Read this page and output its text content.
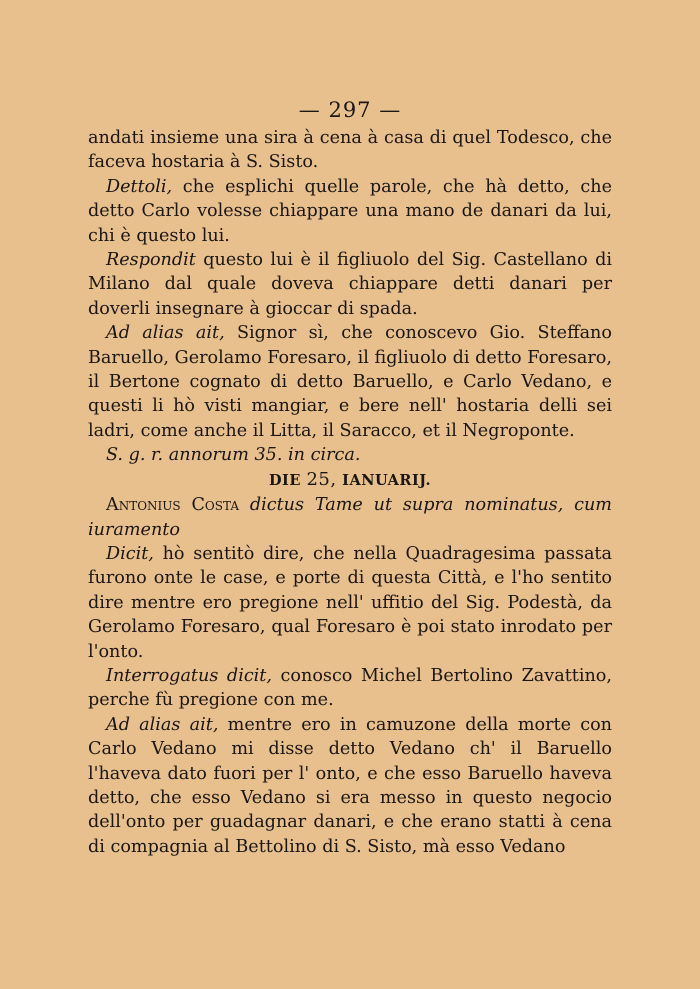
— 297 —

andati insieme una sira à cena à casa di quel Todesco, che faceva hostaria à S. Sisto.

Dettoli, che esplichi quelle parole, che hà detto, che detto Carlo volesse chiappare una mano de danari da lui, chi è questo lui.

Respondit questo lui è il figliuolo del Sig. Castellano di Milano dal quale doveva chiappare detti danari per doverli insegnare à gioccar di spada.

Ad alias ait, Signor sì, che conoscevo Gio. Steffano Baruello, Gerolamo Foresaro, il figliuolo di detto Foresaro, il Bertone cognato di detto Baruello, e Carlo Vedano, e questi li hò visti mangiar, e bere nell' hostaria delli sei ladri, come anche il Litta, il Saracco, et il Negroponte.

S. g. r. annorum 35. in circa.

DIE 25, IANUARIJ.

Antonius Costa dictus Tame ut supra nominatus, cum iuramento

Dicit, hò sentitò dire, che nella Quadragesima passata furono onte le case, e porte di questa Città, e l'ho sentito dire mentre ero pregione nell' uffitio del Sig. Podestà, da Gerolamo Foresaro, qual Foresaro è poi stato inrodato per l'onto.

Interrogatus dicit, conosco Michel Bertolino Zavattino, perche fù pregione con me.

Ad alias ait, mentre ero in camuzone della morte con Carlo Vedano mi disse detto Vedano ch' il Baruello l'haveva dato fuori per l' onto, e che esso Baruello haveva detto, che esso Vedano si era messo in questo negocio dell'onto per guadagnar danari, e che erano statti à cena di compagnia al Bettolino di S. Sisto, mà esso Vedano
